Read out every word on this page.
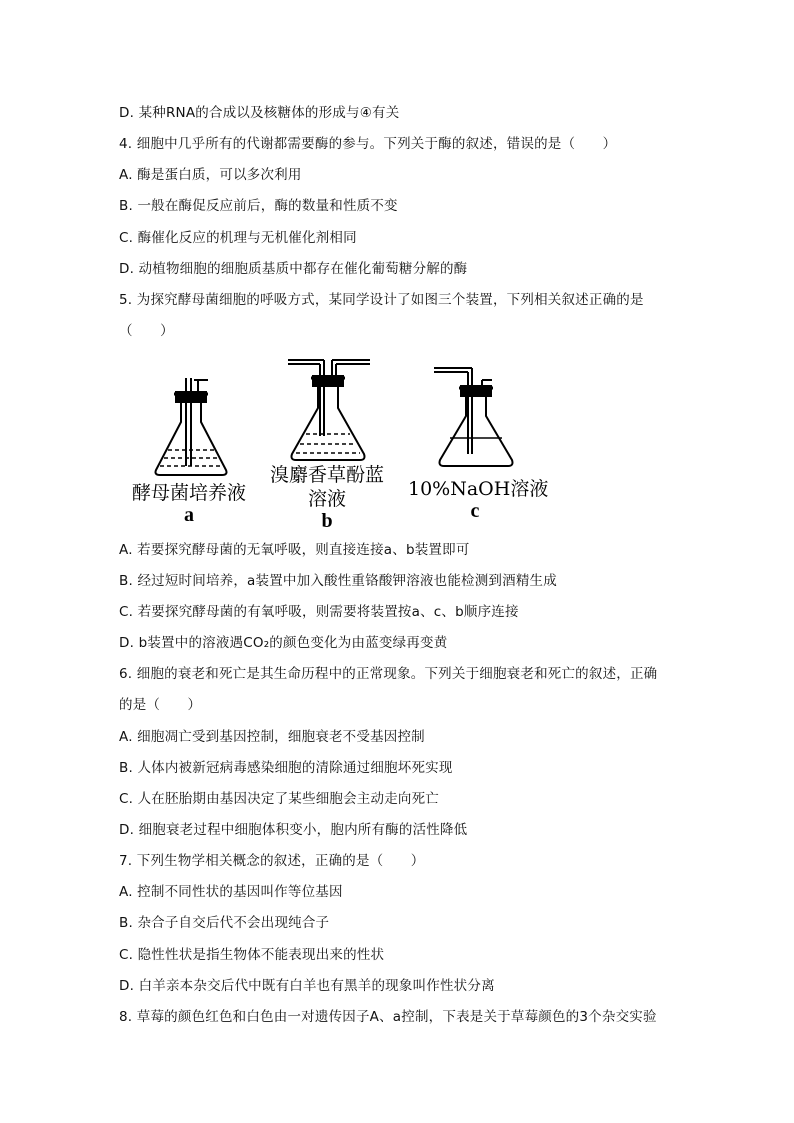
D. 某种RNA的合成以及核糖体的形成与④有关
4. 细胞中几乎所有的代谢都需要酶的参与。下列关于酶的叙述，错误的是（　　）
A. 酶是蛋白质，可以多次利用
B. 一般在酶促反应前后，酶的数量和性质不变
C. 酶催化反应的机理与无机催化剂相同
D. 动植物细胞的细胞质基质中都存在催化葡萄糖分解的酶
5. 为探究酵母菌细胞的呼吸方式，某同学设计了如图三个装置，下列相关叙述正确的是
（　　）
酵母菌培养液
a
溴麝香草酚蓝
溶液
b
10%NaOH溶液
c
A. 若要探究酵母菌的无氧呼吸，则直接连接a、b装置即可
B. 经过短时间培养，a装置中加入酸性重铬酸钾溶液也能检测到酒精生成
C. 若要探究酵母菌的有氧呼吸，则需要将装置按a、c、b顺序连接
D. b装置中的溶液遇CO₂的颜色变化为由蓝变绿再变黄
6. 细胞的衰老和死亡是其生命历程中的正常现象。下列关于细胞衰老和死亡的叙述，正确
的是（　　）
A. 细胞凋亡受到基因控制，细胞衰老不受基因控制
B. 人体内被新冠病毒感染细胞的清除通过细胞坏死实现
C. 人在胚胎期由基因决定了某些细胞会主动走向死亡
D. 细胞衰老过程中细胞体积变小，胞内所有酶的活性降低
7. 下列生物学相关概念的叙述，正确的是（　　）
A. 控制不同性状的基因叫作等位基因
B. 杂合子自交后代不会出现纯合子
C. 隐性性状是指生物体不能表现出来的性状
D. 白羊亲本杂交后代中既有白羊也有黑羊的现象叫作性状分离
8. 草莓的颜色红色和白色由一对遗传因子A、a控制，下表是关于草莓颜色的3个杂交实验
